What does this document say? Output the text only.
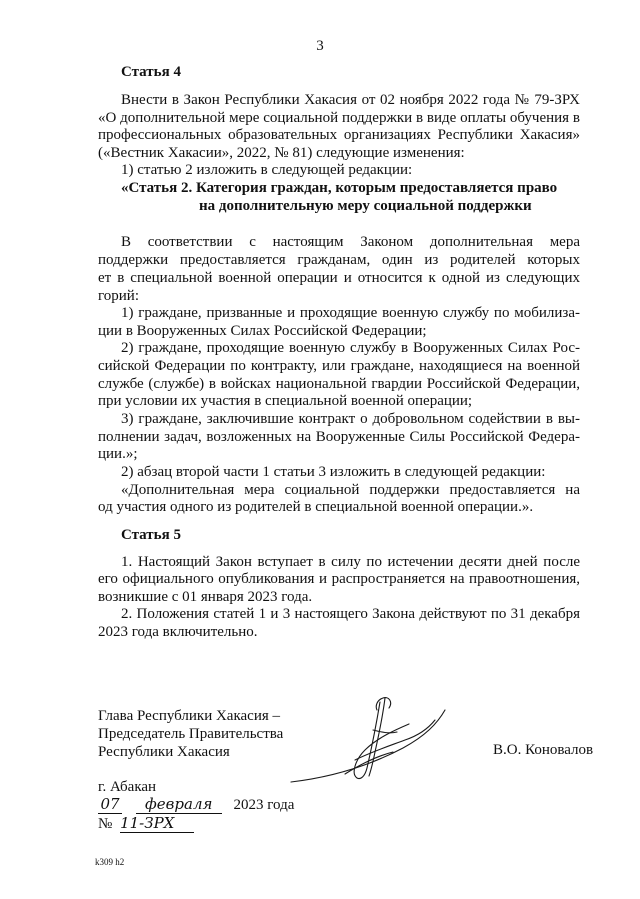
3
Статья 4
Внести в Закон Республики Хакасия от 02 ноября 2022 года № 79-ЗРХ
«О дополнительной мере социальной поддержки в виде оплаты обучения в
профессиональных образовательных организациях Республики Хакасия»
(«Вестник Хакасии», 2022, № 81) следующие изменения:
1) статью 2 изложить в следующей редакции:
«Статья 2. Категория граждан, которым предоставляется право
на дополнительную меру социальной поддержки
В соответствии с настоящим Законом дополнительная мера
поддержки предоставляется гражданам, один из родителей которых
ет в специальной военной операции и относится к одной из следующих
горий:
1) граждане, призванные и проходящие военную службу по мобилиза-
ции в Вооруженных Силах Российской Федерации;
2) граждане, проходящие военную службу в Вооруженных Силах Рос-
сийской Федерации по контракту, или граждане, находящиеся на военной
службе (службе) в войсках национальной гвардии Российской Федерации,
при условии их участия в специальной военной операции;
3) граждане, заключившие контракт о добровольном содействии в вы-
полнении задач, возложенных на Вооруженные Силы Российской Федера-
ции.»;
2) абзац второй части 1 статьи 3 изложить в следующей редакции:
«Дополнительная мера социальной поддержки предоставляется на
од участия одного из родителей в специальной военной операции.».
Статья 5
1. Настоящий Закон вступает в силу по истечении десяти дней после
его официального опубликования и распространяется на правоотношения,
возникшие с 01 января 2023 года.
2. Положения статей 1 и 3 настоящего Закона действуют по 31 декабря
2023 года включительно.
Глава Республики Хакасия –
Председатель Правительства
Республики Хакасия	В.О. Коновалов
г. Абакан
07 февраля 2023 года
№ 11-ЗРХ
k309 h2
